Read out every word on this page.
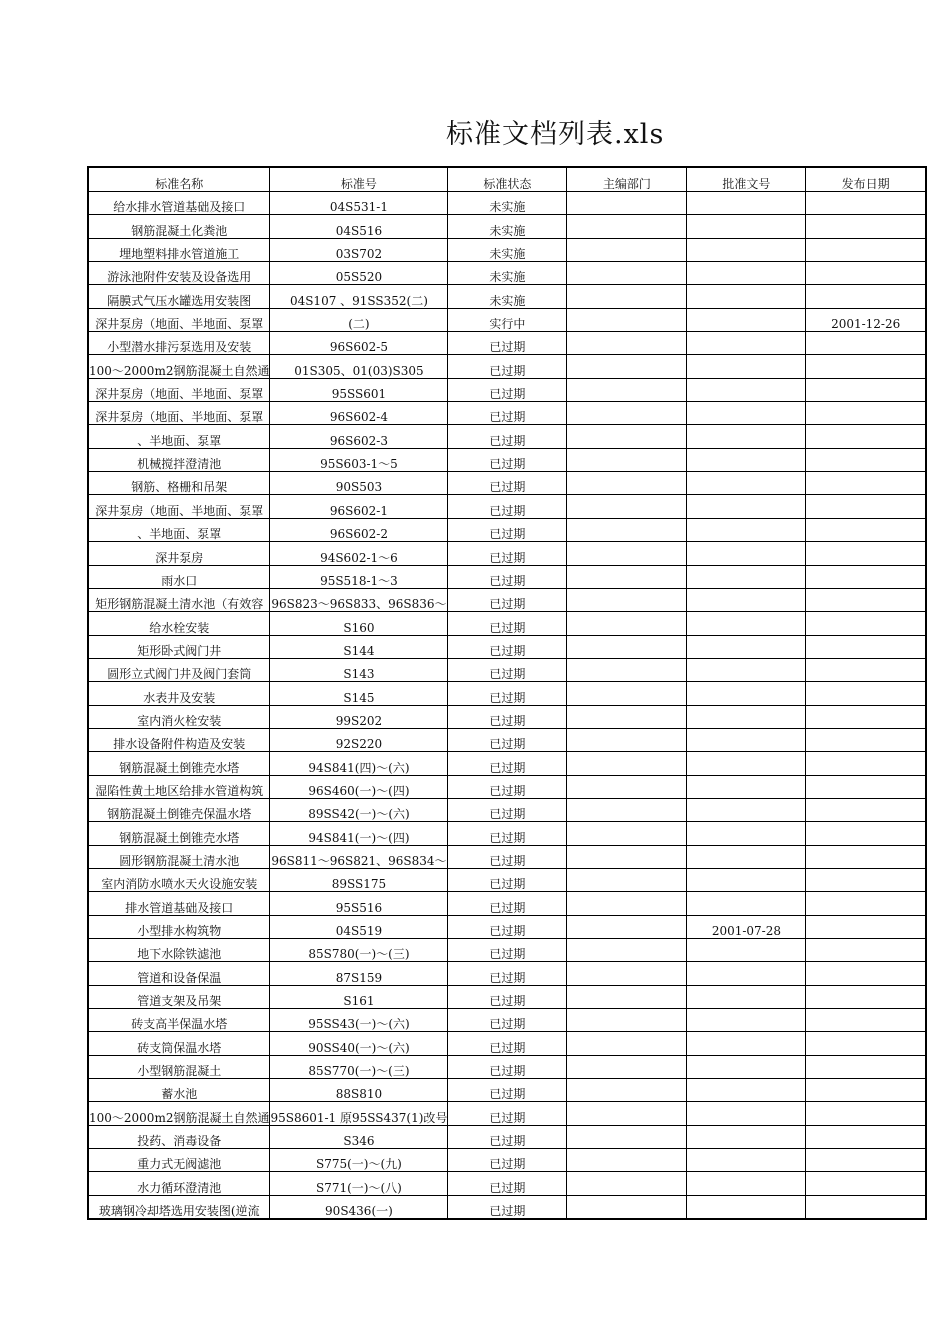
标准文档列表.xls
标准名称	标准号	标准状态	主编部门	批准文号	发布日期
给水排水管道基础及接口	04S531-1	未实施			
钢筋混凝土化粪池	04S516	未实施			
埋地塑料排水管道施工	03S702	未实施			
游泳池附件安装及设备选用	05S520	未实施			
隔膜式气压水罐选用安装图	04S107 、91SS352(二)	未实施			
深井泵房（地面、半地面、泵罩	(二)	实行中			2001-12-26
小型潜水排污泵选用及安装	96S602-5	已过期			
100～2000m2钢筋混凝土自然通	01S305、01(03)S305	已过期			
深井泵房（地面、半地面、泵罩	95SS601	已过期			
深井泵房（地面、半地面、泵罩	96S602-4	已过期			
、半地面、泵罩	96S602-3	已过期			
机械搅拌澄清池	95S603-1～5	已过期			
钢筋、格栅和吊架	90S503	已过期			
深井泵房（地面、半地面、泵罩	96S602-1	已过期			
、半地面、泵罩	96S602-2	已过期			
深井泵房	94S602-1～6	已过期			
雨水口	95S518-1～3	已过期			
矩形钢筋混凝土清水池（有效容	96S823～96S833、96S836～	已过期			
给水栓安装	S160	已过期			
矩形卧式阀门井	S144	已过期			
圆形立式阀门井及阀门套筒	S143	已过期			
水表井及安装	S145	已过期			
室内消火栓安装	99S202	已过期			
排水设备附件构造及安装	92S220	已过期			
钢筋混凝土倒锥壳水塔	94S841(四)～(六)	已过期			
湿陷性黄土地区给排水管道构筑	96S460(一)～(四)	已过期			
钢筋混凝土倒锥壳保温水塔	89SS42(一)～(六)	已过期			
钢筋混凝土倒锥壳水塔	94S841(一)～(四)	已过期			
圆形钢筋混凝土清水池	96S811～96S821、96S834～	已过期			
室内消防水喷水天火设施安装	89SS175	已过期			
排水管道基础及接口	95S516	已过期			
小型排水构筑物	04S519	已过期		2001-07-28	
地下水除铁滤池	85S780(一)～(三)	已过期			
管道和设备保温	87S159	已过期			
管道支架及吊架	S161	已过期			
砖支高半保温水塔	95SS43(一)～(六)	已过期			
砖支筒保温水塔	90SS40(一)～(六)	已过期			
小型钢筋混凝土	85S770(一)～(三)	已过期			
蓄水池	88S810	已过期			
100～2000m2钢筋混凝土自然通	95S8601-1 原95SS437(1)改号	已过期			
投药、消毒设备	S346	已过期			
重力式无阀滤池	S775(一)～(九)	已过期			
水力循环澄清池	S771(一)～(八)	已过期			
玻璃钢冷却塔选用安装图(逆流	90S436(一)	已过期			
